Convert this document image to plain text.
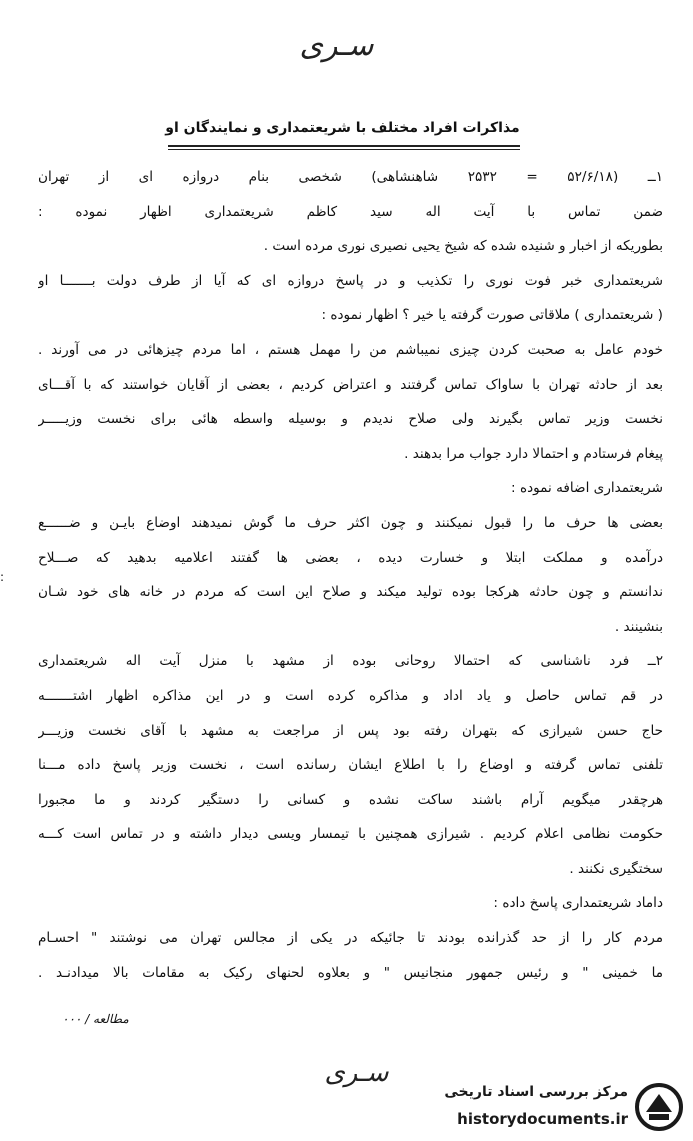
سـری
مذاکرات افراد مختلف با شریعتمداری و نمایندگان او
۱ــ (۵۲/۶/۱۸ = ۲۵۳۲ شاهنشاهی) شخصی بنام دروازه ای از تهران
ضمن تماس با آیت اله سید کاظم شریعتمداری اظهار نموده :
بطوریکه از اخبار و شنیده شده که شیخ یحیی نصیری نوری مرده است .
شریعتمداری خبر فوت نوری را تکذیب و در پاسخ دروازه ای که آیا از طرف دولت بـــــــا او
( شریعتمداری ) ملاقاتی صورت گرفته یا خیر ؟ اظهار نموده :
خودم عامل به صحبت کردن چیزی نمیباشم من را مهمل هستم ، اما مردم چیزهائی در می آورند .
بعد از حادثه تهران با ساواک تماس گرفتند و اعتراض کردیم ، بعضی از آقایان خواستند که با آقـــای
نخست وزیر تماس بگیرند ولی صلاح ندیدم و بوسیله واسطه هائی برای نخست وزیـــــر
پیغام فرستادم و احتمالا دارد جواب مرا بدهند .
شریعتمداری اضافه نموده :
بعضی ها حرف ما را قبول نمیکنند و چون اکثر حرف ما گوش نمیدهند اوضاع بایـن و ضــــــع
درآمده و مملکت ابتلا و خسارت دیده ، بعضی ها گفتند اعلامیه بدهید که صـــلاح
ندانستم و چون حادثه هرکجا بوده تولید میکند و صلاح این است که مردم در خانه های خود شـان
بنشینند .
۲ــ فرد ناشناسی که احتمالا روحانی بوده از مشهد با منزل آیت اله شریعتمداری
در قم تماس حاصل و یاد اداد و مذاکره کرده است و در این مذاکره اظهار اشتـــــــه
حاج حسن شیرازی که بتهران رفته بود پس از مراجعت به مشهد با آقای نخست وزیـــر
تلفنی تماس گرفته و اوضاع را با اطلاع ایشان رسانده است ، نخست وزیر پاسخ داده مـــنا
هرچقدر میگویم آرام باشند ساکت نشده و کسانی را دستگیر کردند و ما مجبورا
حکومت نظامی اعلام کردیم . شیرازی همچنین با تیمسار ویسی دیدار داشته و در تماس است کـــه
سختگیری نکنند .
داماد شریعتمداری پاسخ داده :
مردم کار را از حد گذرانده بودند تا جائیکه در یکی از مجالس تهران می نوشتند " احسـام
ما خمینی " و رئیس جمهور منجانیس " و بعلاوه لحنهای رکیک به مقامات بالا میدادنـد .
مطالعه / ۰۰۰
:
سـری
مرکز بررسی اسناد تاریخی
historydocuments.ir
